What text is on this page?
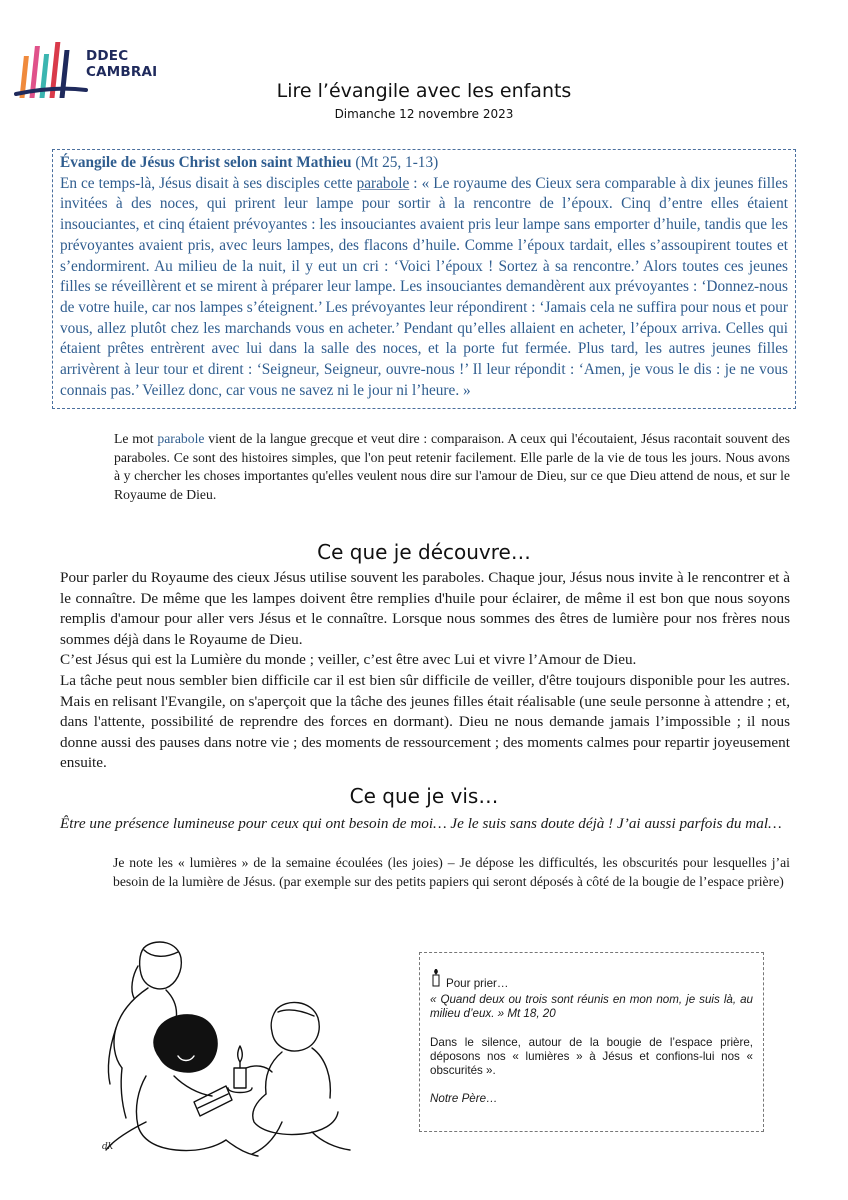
DDEC
CAMBRAI
Lire l’évangile avec les enfants
Dimanche 12 novembre 2023
Évangile de Jésus Christ selon saint Mathieu (Mt 25, 1-13)
En ce temps-là, Jésus disait à ses disciples cette parabole : « Le royaume des Cieux sera comparable à dix jeunes filles invitées à des noces, qui prirent leur lampe pour sortir à la rencontre de l’époux. Cinq d’entre elles étaient insouciantes, et cinq étaient prévoyantes : les insouciantes avaient pris leur lampe sans emporter d’huile, tandis que les prévoyantes avaient pris, avec leurs lampes, des flacons d’huile. Comme l’époux tardait, elles s’assoupirent toutes et s’endormirent. Au milieu de la nuit, il y eut un cri : ‘Voici l’époux ! Sortez à sa rencontre.’ Alors toutes ces jeunes filles se réveillèrent et se mirent à préparer leur lampe. Les insouciantes demandèrent aux prévoyantes : ‘Donnez-nous de votre huile, car nos lampes s’éteignent.’ Les prévoyantes leur répondirent : ‘Jamais cela ne suffira pour nous et pour vous, allez plutôt chez les marchands vous en acheter.’ Pendant qu’elles allaient en acheter, l’époux arriva. Celles qui étaient prêtes entrèrent avec lui dans la salle des noces, et la porte fut fermée. Plus tard, les autres jeunes filles arrivèrent à leur tour et dirent : ‘Seigneur, Seigneur, ouvre-nous !’ Il leur répondit : ‘Amen, je vous le dis : je ne vous connais pas.’ Veillez donc, car vous ne savez ni le jour ni l’heure. »
Le mot parabole vient de la langue grecque et veut dire : comparaison. A ceux qui l'écoutaient, Jésus racontait souvent des paraboles. Ce sont des histoires simples, que l'on peut retenir facilement. Elle parle de la vie de tous les jours. Nous avons à y chercher les choses importantes qu'elles veulent nous dire sur l'amour de Dieu, sur ce que Dieu attend de nous, et sur le Royaume de Dieu.
Ce que je découvre…

Pour parler du Royaume des cieux Jésus utilise souvent les paraboles. Chaque jour, Jésus nous invite à le rencontrer et à le connaître. De même que les lampes doivent être remplies d'huile pour éclairer, de même il est bon que nous soyons remplis d'amour pour aller vers Jésus et le connaître. Lorsque nous sommes des êtres de lumière pour nos frères nous sommes déjà dans le Royaume de Dieu.

C’est Jésus qui est la Lumière du monde ; veiller, c’est être avec Lui et vivre l’Amour de Dieu.

La tâche peut nous sembler bien difficile car il est bien sûr difficile de veiller, d'être toujours disponible pour les autres. Mais en relisant l'Evangile, on s'aperçoit que la tâche des jeunes filles était réalisable (une seule personne à attendre ; et, dans l'attente, possibilité de reprendre des forces en dormant). Dieu ne nous demande jamais l’impossible ; il nous donne aussi des pauses dans notre vie ; des moments de ressourcement ; des moments calmes pour repartir joyeusement ensuite.

Ce que je vis…
Être une présence lumineuse pour ceux qui ont besoin de moi… Je le suis sans doute déjà ! J’ai aussi parfois du mal…
Je note les « lumières » de la semaine écoulées (les joies) – Je dépose les difficultés, les obscurités pour lesquelles j’ai besoin de la lumière de Jésus. (par exemple sur des petits papiers qui seront déposés à côté de la bougie de l’espace prière)
dk
Pour prier…
« Quand deux ou trois sont réunis en mon nom, je suis là, au milieu d’eux. » Mt 18, 20
Dans le silence, autour de la bougie de l’espace prière, déposons nos « lumières » à Jésus et confions-lui nos « obscurités ».
Notre Père…
